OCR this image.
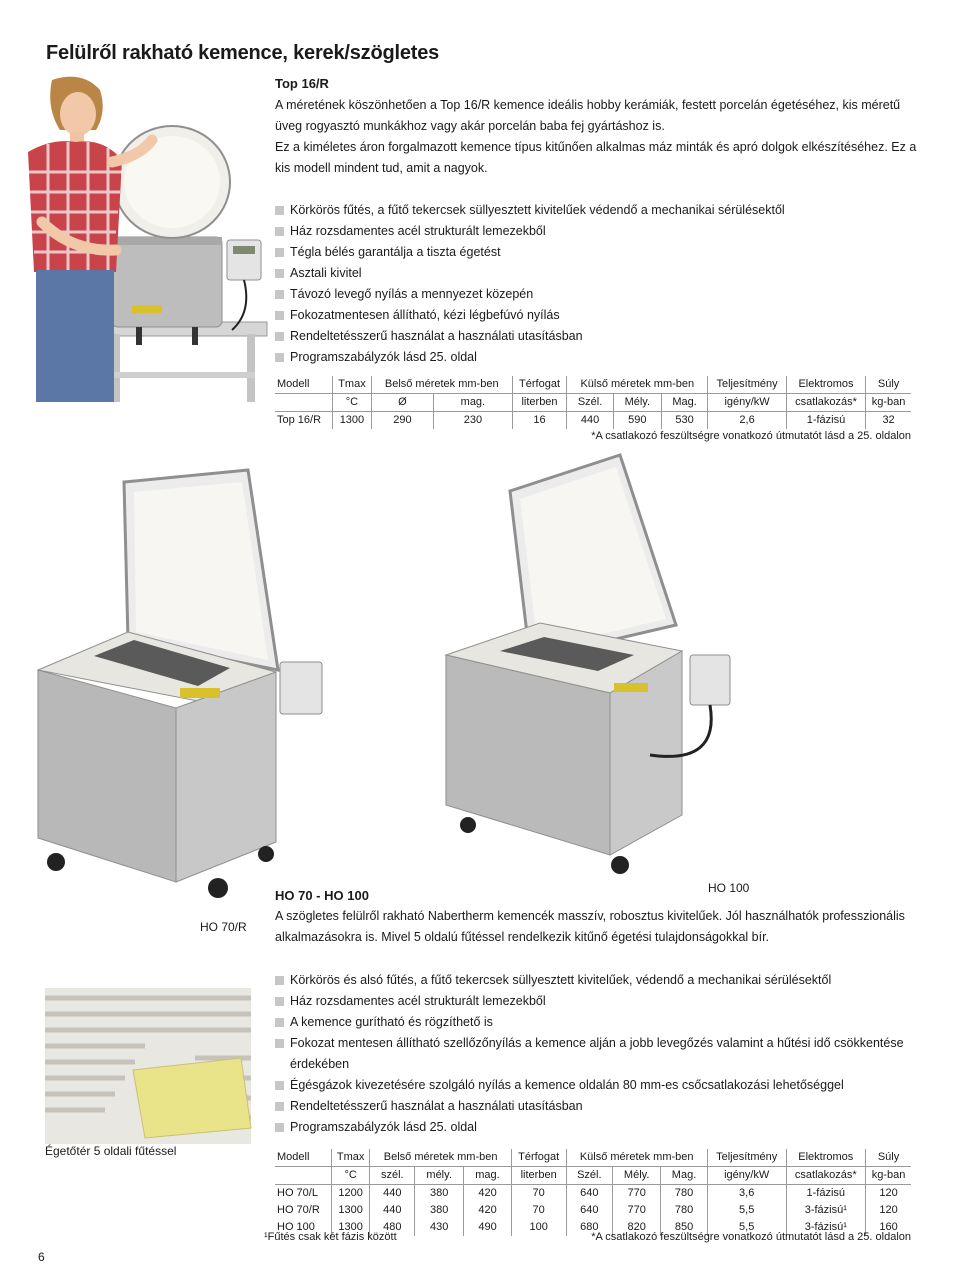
Felülről rakható kemence, kerek/szögletes
Top 16/R
A méretének köszönhetően a Top 16/R kemence ideális hobby kerámiák, festett porcelán égetéséhez, kis méretű
üveg rogyasztó munkákhoz vagy akár porcelán baba fej gyártáshoz is.
Ez a kiméletes áron forgalmazott kemence típus kitűnően alkalmas máz minták és apró dolgok elkészítéséhez. Ez a
kis modell mindent tud, amit a nagyok.
Körkörös fűtés, a fűtő tekercsek süllyesztett kivitelűek védendő a mechanikai sérülésektől
Ház rozsdamentes acél strukturált lemezekből
Tégla bélés garantálja a tiszta égetést
Asztali kivitel
Távozó levegő nyílás a mennyezet közepén
Fokozatmentesen állítható, kézi légbefúvó nyílás
Rendeltetésszerű használat a használati utasításban
Programszabályzók lásd 25. oldal
Modell	Tmax	Belső méretek mm-ben		Térfogat	Külső méretek mm-ben			Teljesítmény	Elektromos	Súly
	°C	Ø	mag.	literben	Szél.	Mély.	Mag.	igény/kW	csatlakozás*	kg-ban
Top 16/R	1300	290	230	16	440	590	530	2,6	1-fázisú	32
*A csatlakozó feszültségre vonatkozó útmutatót lásd a 25. oldalon
HO 70/R
HO 100
HO 70 - HO 100
A szögletes felülről rakható Nabertherm kemencék masszív, robosztus kivitelűek. Jól használhatók professzionális
alkalmazásokra is. Mivel 5 oldalú fűtéssel rendelkezik kitűnő égetési tulajdonságokkal bír.
Égetőtér 5 oldali fűtéssel
Körkörös és alsó fűtés, a fűtő tekercsek süllyesztett kivitelűek, védendő a mechanikai sérülésektől
Ház rozsdamentes acél strukturált lemezekből
A kemence gurítható és rögzíthető is
Fokozat mentesen állítható szellőzőnyílás a kemence alján a jobb levegőzés valamint a hűtési idő csökkentése érdekében
Égésgázok kivezetésére szolgáló nyílás a kemence oldalán 80 mm-es csőcsatlakozási lehetőséggel
Rendeltetésszerű használat a használati utasításban
Programszabályzók lásd 25. oldal
Modell	Tmax	Belső méretek mm-ben			Térfogat	Külső méretek mm-ben			Teljesítmény	Elektromos	Súly
	°C	szél.	mély.	mag.	literben	Szél.	Mély.	Mag.	igény/kW	csatlakozás*	kg-ban
HO 70/L	1200	440	380	420	70	640	770	780	3,6	1-fázisú	120
HO 70/R	1300	440	380	420	70	640	770	780	5,5	3-fázisú¹	120
HO 100	1300	480	430	490	100	680	820	850	5,5	3-fázisú¹	160
¹Fűtés csak két fázis között	*A csatlakozó feszültségre vonatkozó útmutatót lásd a 25. oldalon
6
